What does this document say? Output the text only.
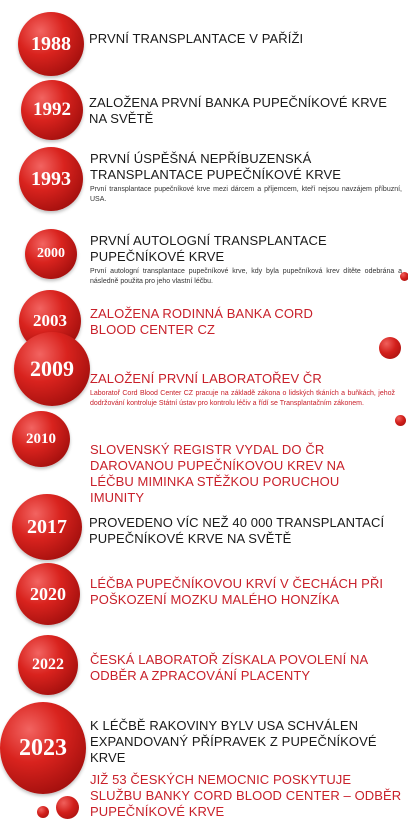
1988 PRVNÍ TRANSPLANTACE V PAŘÍŽI

1992 ZALOŽENA PRVNÍ BANKA PUPEČNÍKOVÉ KRVE NA SVĚTĚ

1993

PRVNÍ ÚSPĚŠNÁ NEPŘÍBUZENSKÁ TRANSPLANTACE PUPEČNÍKOVÉ KRVE

První transplantace pupečníkové krve mezi dárcem a příjemcem, kteří nejsou navzájem příbuzní, USA.

2000

PRVNÍ AUTOLOGNÍ TRANSPLANTACE PUPEČNÍKOVÉ KRVE

První autologní transplantace pupečníkové krve, kdy byla pupečníková krev dítěte odebrána a následně použita pro jeho vlastní léčbu.

2003 ZALOŽENA RODINNÁ BANKA CORD BLOOD CENTER CZ

2009 ZALOŽENÍ PRVNÍ LABORATOŘEV ČR

Laboratoř Cord Blood Center CZ pracuje na základě zákona o lidských tkáních a buňkách, jehož dodržování kontroluje Státní ústav pro kontrolu léčiv a řídí se Transplantačním zákonem.

2010

SLOVENSKÝ REGISTR VYDAL DO ČR DAROVANOU PUPEČNÍKOVOU KREV NA LÉČBU MIMINKA STĚŽKOU PORUCHOU IMUNITY

2017 PROVEDENO VÍC NEŽ 40 000 TRANSPLANTACÍ PUPEČNÍKOVÉ KRVE NA SVĚTĚ

2020 LÉČBA PUPEČNÍKOVOU KRVÍ V ČECHÁCH PŘI POŠKOZENÍ MOZKU MALÉHO HONZÍKA

2022 ČESKÁ LABORATOŘ ZÍSKALA POVOLENÍ NA ODBĚR A ZPRACOVÁNÍ PLACENTY

2023

K LÉČBĚ RAKOVINY BYLV USA SCHVÁLEN EXPANDOVANÝ PŘÍPRAVEK Z PUPEČNÍKOVÉ KRVE

JIŽ 53 ČESKÝCH NEMOCNIC POSKYTUJE SLUŽBU BANKY CORD BLOOD CENTER – ODBĚR PUPEČNÍKOVÉ KRVE
